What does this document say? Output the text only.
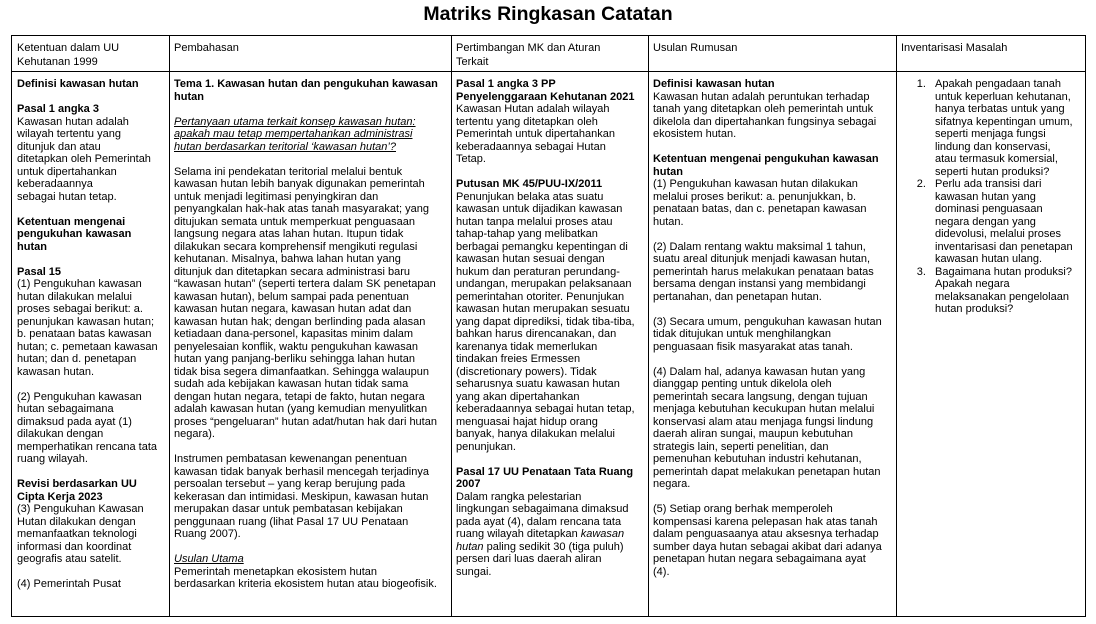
Matriks Ringkasan Catatan

Ketentuan dalam UU
Kehutanan 1999

Pembahasan	Pertimbangan MK dan Aturan
Terkait

Usulan Rumusan	Inventarisasi Masalah

Definisi kawasan hutan
Pasal 1 angka 3

Kawasan hutan adalah
wilayah tertentu yang
ditunjuk dan atau
ditetapkan oleh Pemerintah
untuk dipertahankan
keberadaannya
sebagai hutan tetap.

Ketentuan mengenai
pengukuhan kawasan
hutan
Pasal 15

(1) Pengukuhan kawasan
hutan dilakukan melalui
proses sebagai berikut: a.
penunjukan kawasan hutan;
b. penataan batas kawasan
hutan; c. pemetaan kawasan
hutan; dan d. penetapan
kawasan hutan.

(2) Pengukuhan kawasan
hutan sebagaimana
dimaksud pada ayat (1)
dilakukan dengan
memperhatikan rencana tata
ruang wilayah.

Revisi berdasarkan UU
Cipta Kerja 2023

(3) Pengukuhan Kawasan
Hutan dilakukan dengan
memanfaatkan teknologi
informasi dan koordinat
geografis atau satelit.

(4) Pemerintah Pusat

Tema 1. Kawasan hutan dan pengukuhan kawasan
hutan

Pertanyaan utama terkait konsep kawasan hutan:
apakah mau tetap mempertahankan administrasi
hutan berdasarkan teritorial ‘kawasan hutan’?

Selama ini pendekatan teritorial melalui bentuk
kawasan hutan lebih banyak digunakan pemerintah
untuk menjadi legitimasi penyingkiran dan
penyangkalan hak-hak atas tanah masyarakat; yang
ditujukan semata untuk memperkuat penguasaan
langsung negara atas lahan hutan. Itupun tidak
dilakukan secara komprehensif mengikuti regulasi
kehutanan. Misalnya, bahwa lahan hutan yang
ditunjuk dan ditetapkan secara administrasi baru
“kawasan hutan” (seperti tertera dalam SK penetapan
kawasan hutan), belum sampai pada penentuan
kawasan hutan negara, kawasan hutan adat dan
kawasan hutan hak; dengan berlinding pada alasan
ketiadaan dana-personel, kapasitas minim dalam
penyelesaian konflik, waktu pengukuhan kawasan
hutan yang panjang-berliku sehingga lahan hutan
tidak bisa segera dimanfaatkan. Sehingga walaupun
sudah ada kebijakan kawasan hutan tidak sama
dengan hutan negara, tetapi de fakto, hutan negara
adalah kawasan hutan (yang kemudian menyulitkan
proses “pengeluaran” hutan adat/hutan hak dari hutan
negara).

Instrumen pembatasan kewenangan penentuan
kawasan tidak banyak berhasil mencegah terjadinya
persoalan tersebut – yang kerap berujung pada
kekerasan dan intimidasi. Meskipun, kawasan hutan
merupakan dasar untuk pembatasan kebijakan
penggunaan ruang (lihat Pasal 17 UU Penataan
Ruang 2007).

Usulan Utama

Pemerintah menetapkan ekosistem hutan
berdasarkan kriteria ekosistem hutan atau biogeofisik.

Pasal 1 angka 3 PP
Penyelenggaraan Kehutanan 2021

Kawasan Hutan adalah wilayah
tertentu yang ditetapkan oleh
Pemerintah untuk dipertahankan
keberadaannya sebagai Hutan
Tetap.

Putusan MK 45/PUU-IX/2011

Penunjukan belaka atas suatu
kawasan untuk dijadikan kawasan
hutan tanpa melalui proses atau
tahap-tahap yang melibatkan
berbagai pemangku kepentingan di
kawasan hutan sesuai dengan
hukum dan peraturan perundang-
undangan, merupakan pelaksanaan
pemerintahan otoriter. Penunjukan
kawasan hutan merupakan sesuatu
yang dapat diprediksi, tidak tiba-tiba,
bahkan harus direncanakan, dan
karenanya tidak memerlukan
tindakan freies Ermessen
(discretionary powers). Tidak
seharusnya suatu kawasan hutan
yang akan dipertahankan
keberadaannya sebagai hutan tetap,
menguasai hajat hidup orang
banyak, hanya dilakukan melalui
penunjukan.

Pasal 17 UU Penataan Tata Ruang
2007

Dalam rangka pelestarian
lingkungan sebagaimana dimaksud
pada ayat (4), dalam rencana tata
ruang wilayah ditetapkan kawasan
hutan paling sedikit 30 (tiga puluh)
persen dari luas daerah aliran
sungai.

Definisi kawasan hutan

Kawasan hutan adalah peruntukan terhadap
tanah yang ditetapkan oleh pemerintah untuk
dikelola dan dipertahankan fungsinya sebagai
ekosistem hutan.

Ketentuan mengenai pengukuhan kawasan
hutan

(1) Pengukuhan kawasan hutan dilakukan
melalui proses berikut: a. penunjukkan, b.
penataan batas, dan c. penetapan kawasan
hutan.

(2) Dalam rentang waktu maksimal 1 tahun,
suatu areal ditunjuk menjadi kawasan hutan,
pemerintah harus melakukan penataan batas
bersama dengan instansi yang membidangi
pertanahan, dan penetapan hutan.

(3) Secara umum, pengukuhan kawasan hutan
tidak ditujukan untuk menghilangkan
penguasaan fisik masyarakat atas tanah.

(4) Dalam hal, adanya kawasan hutan yang
dianggap penting untuk dikelola oleh
pemerintah secara langsung, dengan tujuan
menjaga kebutuhan kecukupan hutan melalui
konservasi alam atau menjaga fungsi lindung
daerah aliran sungai, maupun kebutuhan
strategis lain, seperti penelitian, dan
pemenuhan kebutuhan industri kehutanan,
pemerintah dapat melakukan penetapan hutan
negara.

(5) Setiap orang berhak memperoleh
kompensasi karena pelepasan hak atas tanah
dalam penguasaanya atau aksesnya terhadap
sumber daya hutan sebagai akibat dari adanya
penetapan hutan negara sebagaimana ayat
(4).

1. Apakah pengadaan tanah
untuk keperluan kehutanan,
hanya terbatas untuk yang
sifatnya kepentingan umum,
seperti menjaga fungsi
lindung dan konservasi,
atau termasuk komersial,
seperti hutan produksi?
2. Perlu ada transisi dari
kawasan hutan yang
dominasi penguasaan
negara dengan yang
didevolusi, melalui proses
inventarisasi dan penetapan
kawasan hutan ulang.
3. Bagaimana hutan produksi?
Apakah negara
melaksanakan pengelolaan
hutan produksi?
